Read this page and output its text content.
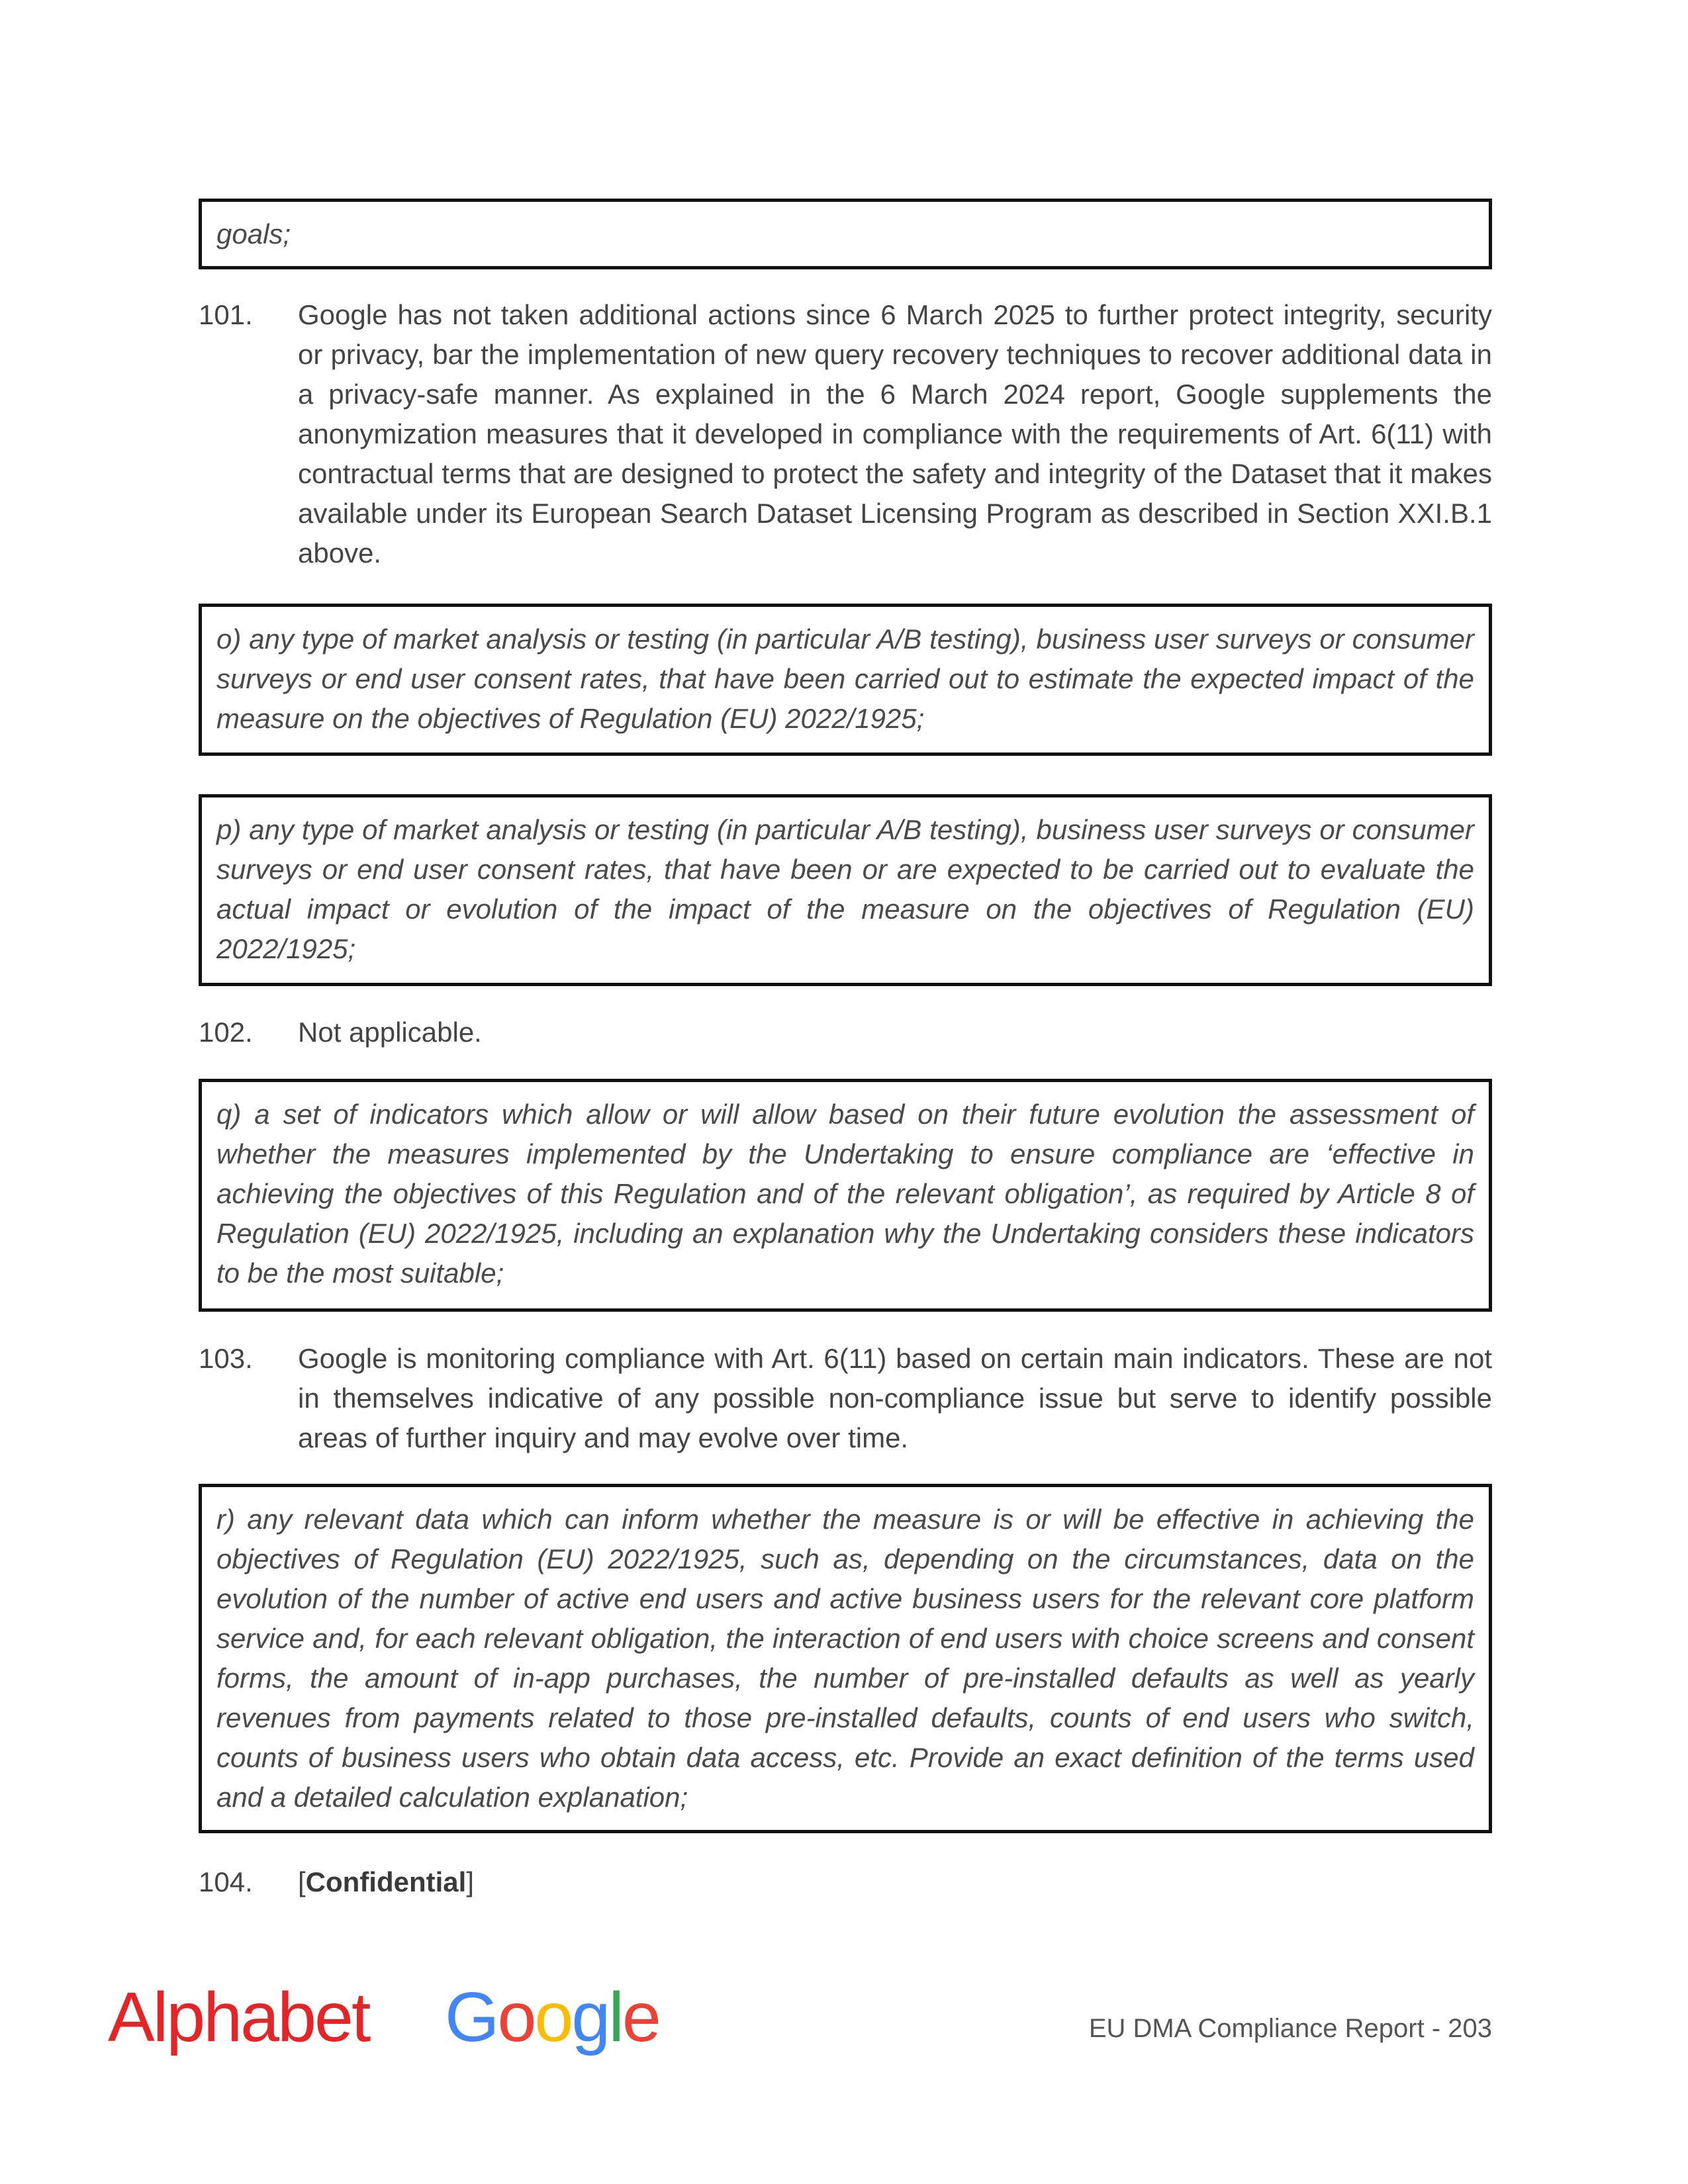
goals;
101. Google has not taken additional actions since 6 March 2025 to further protect integrity, security or privacy, bar the implementation of new query recovery techniques to recover additional data in a privacy-safe manner. As explained in the 6 March 2024 report, Google supplements the anonymization measures that it developed in compliance with the requirements of Art. 6(11) with contractual terms that are designed to protect the safety and integrity of the Dataset that it makes available under its European Search Dataset Licensing Program as described in Section XXI.B.1 above.
o) any type of market analysis or testing (in particular A/B testing), business user surveys or consumer surveys or end user consent rates, that have been carried out to estimate the expected impact of the measure on the objectives of Regulation (EU) 2022/1925;
p) any type of market analysis or testing (in particular A/B testing), business user surveys or consumer surveys or end user consent rates, that have been or are expected to be carried out to evaluate the actual impact or evolution of the impact of the measure on the objectives of Regulation (EU) 2022/1925;
102. Not applicable.
q) a set of indicators which allow or will allow based on their future evolution the assessment of whether the measures implemented by the Undertaking to ensure compliance are ‘effective in achieving the objectives of this Regulation and of the relevant obligation’, as required by Article 8 of Regulation (EU) 2022/1925, including an explanation why the Undertaking considers these indicators to be the most suitable;
103. Google is monitoring compliance with Art. 6(11) based on certain main indicators. These are not in themselves indicative of any possible non-compliance issue but serve to identify possible areas of further inquiry and may evolve over time.
r) any relevant data which can inform whether the measure is or will be effective in achieving the objectives of Regulation (EU) 2022/1925, such as, depending on the circumstances, data on the evolution of the number of active end users and active business users for the relevant core platform service and, for each relevant obligation, the interaction of end users with choice screens and consent forms, the amount of in-app purchases, the number of pre-installed defaults as well as yearly revenues from payments related to those pre-installed defaults, counts of end users who switch, counts of business users who obtain data access, etc. Provide an exact definition of the terms used and a detailed calculation explanation;
104. [Confidential]
Alphabet Google	EU DMA Compliance Report - 203
